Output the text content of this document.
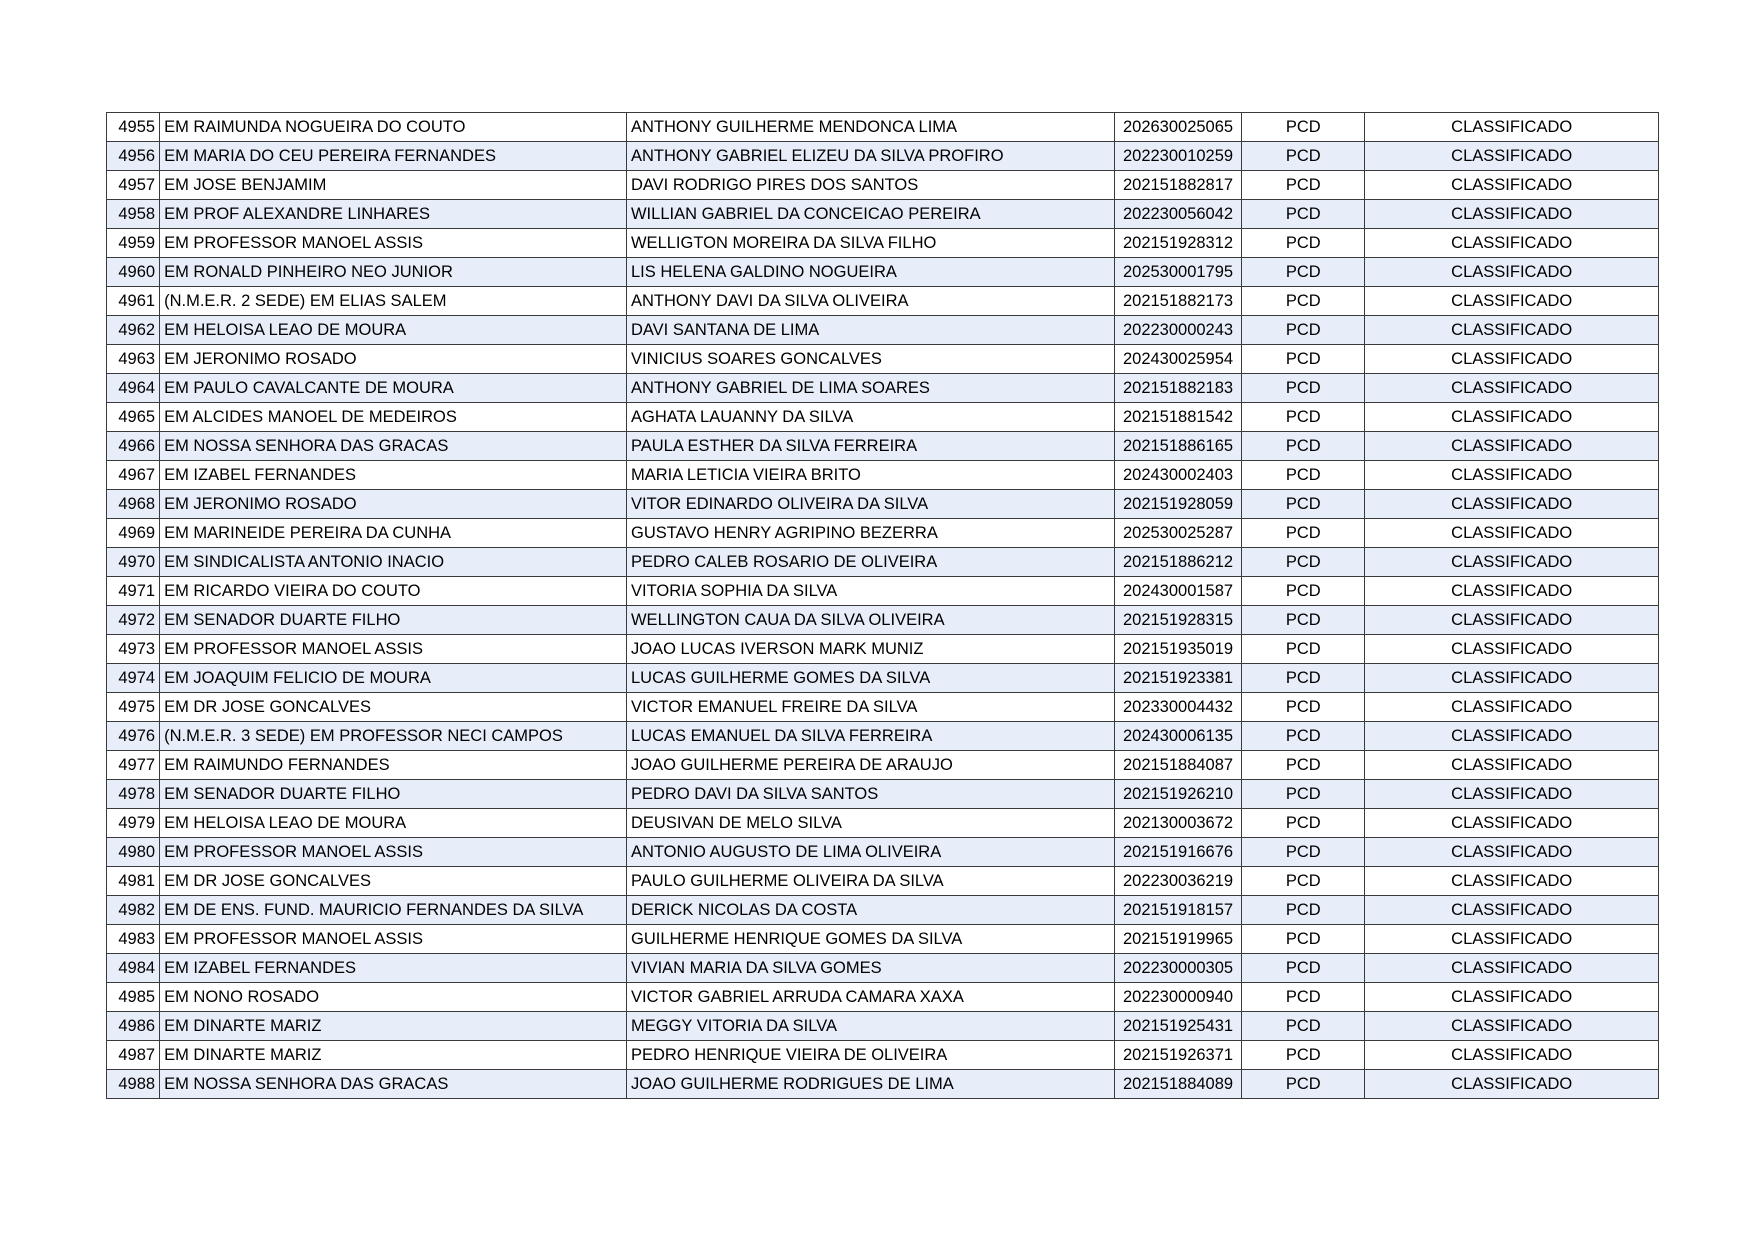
4955	EM RAIMUNDA NOGUEIRA DO COUTO	ANTHONY GUILHERME MENDONCA LIMA	202630025065	PCD	CLASSIFICADO
4956	EM MARIA DO CEU PEREIRA FERNANDES	ANTHONY GABRIEL ELIZEU DA SILVA PROFIRO	202230010259	PCD	CLASSIFICADO
4957	EM JOSE BENJAMIM	DAVI RODRIGO PIRES DOS SANTOS	202151882817	PCD	CLASSIFICADO
4958	EM PROF ALEXANDRE LINHARES	WILLIAN GABRIEL DA CONCEICAO PEREIRA	202230056042	PCD	CLASSIFICADO
4959	EM PROFESSOR MANOEL ASSIS	WELLIGTON MOREIRA DA SILVA FILHO	202151928312	PCD	CLASSIFICADO
4960	EM RONALD PINHEIRO NEO JUNIOR	LIS HELENA GALDINO NOGUEIRA	202530001795	PCD	CLASSIFICADO
4961	(N.M.E.R. 2 SEDE) EM ELIAS SALEM	ANTHONY DAVI DA SILVA OLIVEIRA	202151882173	PCD	CLASSIFICADO
4962	EM HELOISA LEAO DE MOURA	DAVI SANTANA DE LIMA	202230000243	PCD	CLASSIFICADO
4963	EM JERONIMO ROSADO	VINICIUS SOARES GONCALVES	202430025954	PCD	CLASSIFICADO
4964	EM PAULO CAVALCANTE DE MOURA	ANTHONY GABRIEL DE LIMA SOARES	202151882183	PCD	CLASSIFICADO
4965	EM ALCIDES MANOEL DE MEDEIROS	AGHATA LAUANNY DA SILVA	202151881542	PCD	CLASSIFICADO
4966	EM NOSSA SENHORA DAS GRACAS	PAULA ESTHER DA SILVA FERREIRA	202151886165	PCD	CLASSIFICADO
4967	EM IZABEL FERNANDES	MARIA LETICIA VIEIRA BRITO	202430002403	PCD	CLASSIFICADO
4968	EM JERONIMO ROSADO	VITOR EDINARDO OLIVEIRA DA SILVA	202151928059	PCD	CLASSIFICADO
4969	EM MARINEIDE PEREIRA DA CUNHA	GUSTAVO HENRY AGRIPINO BEZERRA	202530025287	PCD	CLASSIFICADO
4970	EM SINDICALISTA ANTONIO INACIO	PEDRO CALEB ROSARIO DE OLIVEIRA	202151886212	PCD	CLASSIFICADO
4971	EM RICARDO VIEIRA DO COUTO	VITORIA SOPHIA DA SILVA	202430001587	PCD	CLASSIFICADO
4972	EM SENADOR DUARTE FILHO	WELLINGTON CAUA DA SILVA OLIVEIRA	202151928315	PCD	CLASSIFICADO
4973	EM PROFESSOR MANOEL ASSIS	JOAO LUCAS IVERSON MARK MUNIZ	202151935019	PCD	CLASSIFICADO
4974	EM JOAQUIM FELICIO DE MOURA	LUCAS GUILHERME GOMES DA SILVA	202151923381	PCD	CLASSIFICADO
4975	EM DR JOSE GONCALVES	VICTOR EMANUEL FREIRE DA SILVA	202330004432	PCD	CLASSIFICADO
4976	(N.M.E.R. 3 SEDE) EM PROFESSOR NECI CAMPOS	LUCAS EMANUEL DA SILVA FERREIRA	202430006135	PCD	CLASSIFICADO
4977	EM RAIMUNDO FERNANDES	JOAO GUILHERME PEREIRA DE ARAUJO	202151884087	PCD	CLASSIFICADO
4978	EM SENADOR DUARTE FILHO	PEDRO DAVI DA SILVA SANTOS	202151926210	PCD	CLASSIFICADO
4979	EM HELOISA LEAO DE MOURA	DEUSIVAN DE MELO SILVA	202130003672	PCD	CLASSIFICADO
4980	EM PROFESSOR MANOEL ASSIS	ANTONIO AUGUSTO DE LIMA OLIVEIRA	202151916676	PCD	CLASSIFICADO
4981	EM DR JOSE GONCALVES	PAULO GUILHERME OLIVEIRA DA SILVA	202230036219	PCD	CLASSIFICADO
4982	EM DE ENS. FUND. MAURICIO FERNANDES DA SILVA	DERICK NICOLAS DA COSTA	202151918157	PCD	CLASSIFICADO
4983	EM PROFESSOR MANOEL ASSIS	GUILHERME HENRIQUE GOMES DA SILVA	202151919965	PCD	CLASSIFICADO
4984	EM IZABEL FERNANDES	VIVIAN MARIA DA SILVA GOMES	202230000305	PCD	CLASSIFICADO
4985	EM NONO ROSADO	VICTOR GABRIEL ARRUDA CAMARA XAXA	202230000940	PCD	CLASSIFICADO
4986	EM DINARTE MARIZ	MEGGY VITORIA DA SILVA	202151925431	PCD	CLASSIFICADO
4987	EM DINARTE MARIZ	PEDRO HENRIQUE VIEIRA DE OLIVEIRA	202151926371	PCD	CLASSIFICADO
4988	EM NOSSA SENHORA DAS GRACAS	JOAO GUILHERME RODRIGUES DE LIMA	202151884089	PCD	CLASSIFICADO
